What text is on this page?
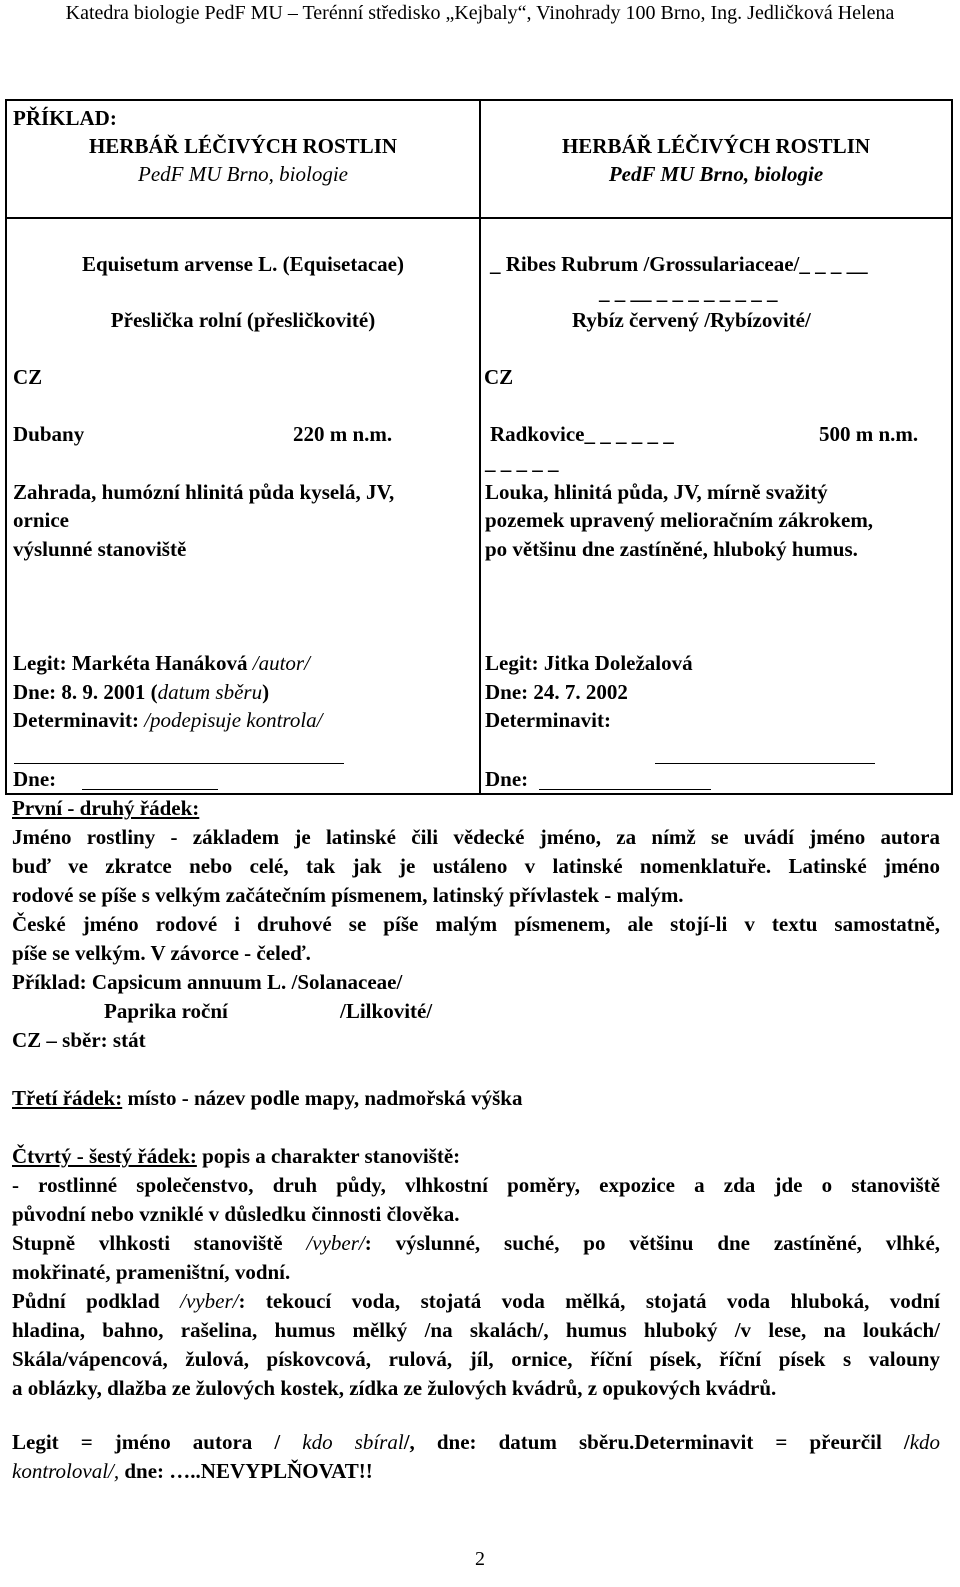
Katedra biologie PedF MU – Terénní středisko „Kejbaly“, Vinohrady 100 Brno, Ing. Jedličková Helena
PŘÍKLAD:
HERBÁŘ LÉČIVÝCH ROSTLIN
PedF MU Brno, biologie
Equisetum arvense L. (Equisetacae)
Přeslička rolní (přesličkovité)
CZ
Dubany	220 m n.m.
Zahrada, humózní hlinitá půda kyselá, JV,
ornice
výslunné stanoviště
Legit: Markéta Hanáková /autor/
Dne: 8. 9. 2001 (datum sběru)
Determinavit: /podepisuje kontrola/
Dne:
HERBÁŘ LÉČIVÝCH ROSTLIN
PedF MU Brno, biologie
_ Ribes Rubrum /Grossulariaceae/_ _ _ __
_ _ __ _ _ _ _ _ _ _ _
Rybíz červený /Rybízovité/
CZ
Radkovice_ _ _ _ _ _	500 m n.m.
_ _ _ _ _
Louka, hlinitá půda, JV, mírně svažitý
pozemek upravený melioračním zákrokem,
po většinu dne zastíněné, hluboký humus.
Legit: Jitka Doležalová
Dne: 24. 7. 2002
Determinavit:
Dne:

První - druhý řádek:

Jméno rostliny - základem je latinské čili vědecké jméno, za nímž se uvádí jméno autora

buď ve zkratce nebo celé, tak jak je ustáleno v latinské nomenklatuře. Latinské jméno

rodové se píše s velkým začátečním písmenem, latinský přívlastek - malým.

České jméno rodové i druhové se píše malým písmenem, ale stojí-li v textu samostatně,

píše se velkým. V závorce - čeleď.

Příklad: Capsicum annuum L. /Solanaceae/

Paprika roční	/Lilkovité/

CZ – sběr: stát

Třetí řádek: místo - název podle mapy, nadmořská výška

Čtvrtý - šestý řádek: popis a charakter stanoviště:

- rostlinné společenstvo, druh půdy, vlhkostní poměry, expozice a zda jde o stanoviště

původní nebo vzniklé v důsledku činnosti člověka.

Stupně vlhkosti stanoviště /vyber/: výslunné, suché, po většinu dne zastíněné, vlhké,

mokřinaté, prameništní, vodní.

Půdní podklad /vyber/: tekoucí voda, stojatá voda mělká, stojatá voda hluboká, vodní

hladina, bahno, rašelina, humus mělký /na skalách/, humus hluboký /v lese, na loukách/

Skála/vápencová, žulová, pískovcová, rulová, jíl, ornice, říční písek, říční písek s valouny

a oblázky, dlažba ze žulových kostek, zídka ze žulových kvádrů, z opukových kvádrů.

Legit = jméno autora / kdo sbíral/, dne: datum sběru.Determinavit = přeurčil /kdo

kontroloval/, dne: …..NEVYPLŇOVAT!!

2
